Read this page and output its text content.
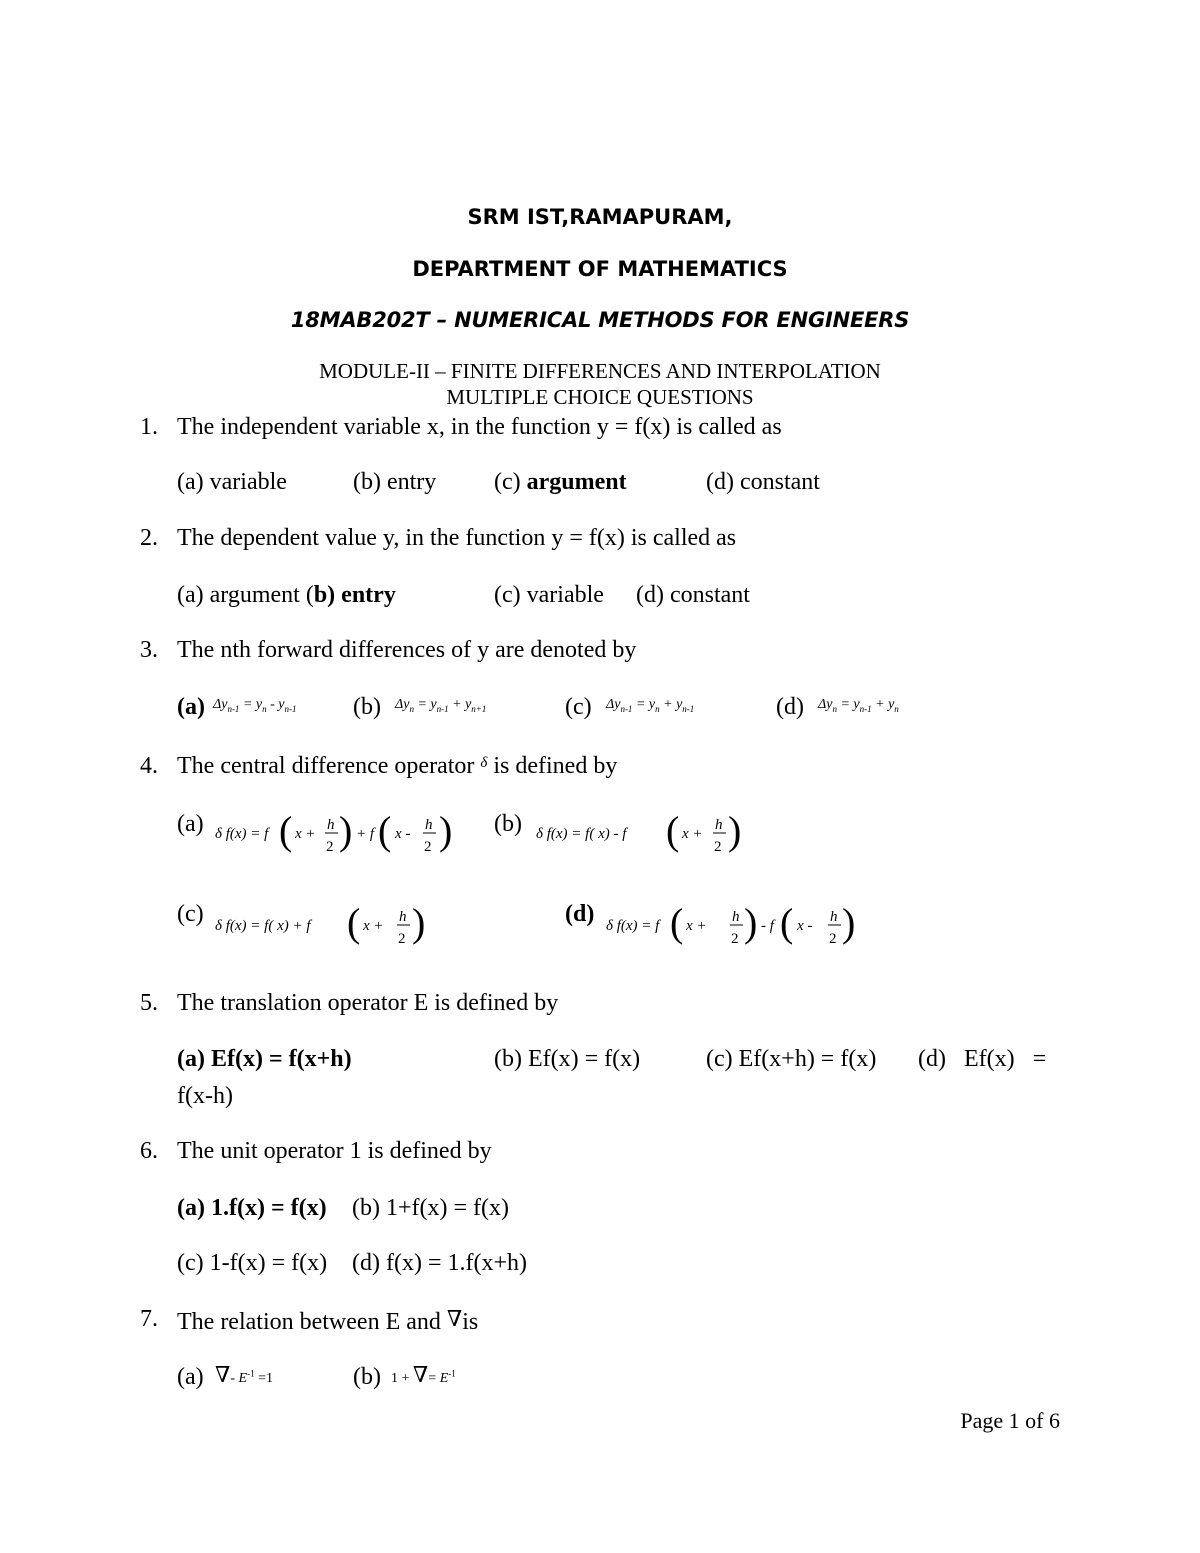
SRM IST,RAMAPURAM,
DEPARTMENT OF MATHEMATICS
18MAB202T – NUMERICAL METHODS FOR ENGINEERS
MODULE-II – FINITE DIFFERENCES AND INTERPOLATION
MULTIPLE CHOICE QUESTIONS
1. The independent variable x, in the function y = f(x) is called as
(a) variable	(b) entry (c) argument	(d) constant
2. The dependent value y, in the function y = f(x) is called as
(a) argument (b) entry	(c) variable (d) constant
3. The nth forward differences of y are denoted by
(a) $\Delta y_{n-1} = y_n - y_{n-1}$ (b) $\Delta y_n = y_{n-1} + y_{n+1}$	(c) $\Delta y_{n-1} = y_n + y_{n-1}$	(d) $\Delta y_n = y_{n-1} + y_n$
4. The central difference operator $^\delta$ is defined by
(a) δ f(x) = f ( x +
h
2 ) + f ( x -
h
2 ) (b) δ f(x) = f( x) - f ( x +
h
2 )
(c) δ f(x) = f( x) + f ( x +
h
2 )	(d) δ f(x) = f ( x +
h
2 ) - f ( x -
h
2 )
5. The translation operator E is defined by
(a) Ef(x) = f(x+h)	(b) Ef(x) = f(x)	(c) Ef(x+h) = f(x) (d)   Ef(x)   =
f(x-h)
6. The unit operator 1 is defined by
(a) 1.f(x) = f(x) (b) 1+f(x) = f(x)
(c) 1-f(x) = f(x) (d) f(x) = 1.f(x+h)
7. The relation between E and ∇is
(a) ∇- $E^{-1} =1$	(b) 1 + ∇= $E^{-1}$
Page 1 of 6
